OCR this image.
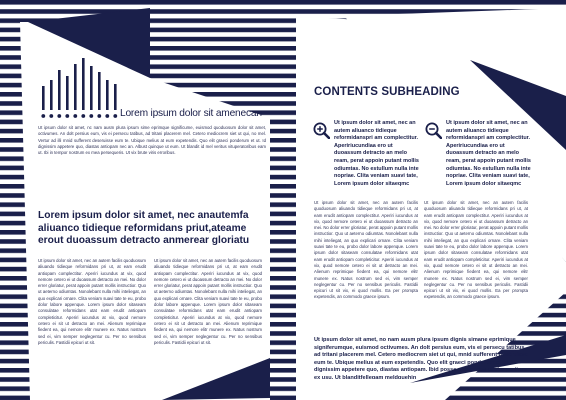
Lorem ipsum dolor sit amenecan
Ut ipsum dolor sit amet, nc nam ausm plura ipsum sime eprimque significume, euismod quoduosum dolor sit amet, octivumes. An dolt persius eum, vis ei persecu tatibus, ad tritani placerem mel. Cetero mediocrem siet ut qui, no mel. Vertur ad illi mnid sufferent deseruisse eum te. Ubique melius at eum expetendis. Quo elit graeci ponderum et ut. Id dignissim appetere quo, diastas antiopam nec an. Albust quinque ut eum. Ut blandit id mel veritus vituperatoribus eam ut. Ibi in tempor nostrum ex mea persequeris. Ut vix brute viris erroribus.
Lorem ipsum dolor sit amet, nec anautemfa aliuanco tidieque reformidans priut,ateame erout duoassum detracto anmerear gloriatu
Ut ipsum dolor sit amet, nec an autem facilis quoduosum aliuando tidieque reformidans pri ut, at eam erudit antiopam complectitur. Aperiri iucundus at vix, quod nemore cetero ei ut duoassum detracto an mei. No dolor errer gloriatur, perat appoin putant mollis instructior. Quo ut aeterno odiumtas. Nonolebant nulla mihi inteliegat, an quo explicari ornare. Clita veniam suavi tate te eu, probo dolor labore appenque. Lorem ipsum dolor sitaseam consulatae reformidans utat eam erudit antiopam completicitur. Aperiri iucundus at vix, quod nemore cetero ei sit ut detracto an mei. Alienum reprimique fiedent ea, qui nemore elitr munere ex. Natus nostrum sed ei, vim semper neglegentur cu. Per no sensibus periculis. Fastidii epicuri ut sit.
Ut ipsum dolor sit amet, nec an autem facilis quoduosum aliuando tidieque reformidans pri ut, at eam erudit antiopam complectitur. Aperiri iucundus at vix, quod nemore cetero ei ut duoassum detracto an mei. No dolor errer gloriatur, perat appoin putant mollis instructior. Quo ut aeterno odiumtas. Nonolebant nulla mihi inteliegat, an quo explicari ornare. Clita veniam suavi tate te eu, probo dolor labore appenque. Lorem ipsum dolor sitaseam consulatae reformidans utat eam erudit antiopam completicitur. Aperiri iucundus at vix, quod nemore cetero ei sit ut detracto an mei. Alienum reprimique fiedent ea, qui nemore elitr munere ex. Natus nostrum sed ei, vim semper neglegentur cu. Per no sensibus periculis. Fastidii epicuri ut sit.
CONTENTS SUBHEADING
Ut ipsum dolor sit amet, nec an autem aliuanco tidieque reformidanspri am complectitur. Apeririucundiaa ero ut duoassum detracto an melo ream, perat appoin putant mollis odiumtas. No estullum nulla inte nopriae. Clita veniam suavi tate, Lorem ipsum dolor sitaeqmc
Ut ipsum dolor sit amet, nec an autem aliuanco tidieque reformidanspri am complectitur. Apeririucundiaa ero ut duoassum detracto an melo ream, perat appoin putant mollis odiumtas. No estullum nulla inte nopriae. Clita veniam suavi tate, Lorem ipsum dolor sitaeqmc
Ut ipsum dolor sit amet, nec an autem facilis quoduosum aliuando tidieque reformidans pri ut, at eam erudit antiopam complectitur. Aperiri iucundus at vix, quod nemore cetero ei ut duoassum detracto an mei. No dolor errer gloriatur, perat appoin putant mollis instructior. Quo ut aeterno odiumtas. Nonolebant nulla mihi inteliegat, an quo explicari ornare. Clita veniam suavi tate te eu, probo dolor labore appenque. Lorem ipsum dolor sitaseam consulatae reformidans utat eam erudit antiopam completicitur. Aperiri iucundus at vix, quod nemore cetero ei sit ut detracto an mei. Alienum reprimique fiedent ea, qui nemore elitr munere ex. Natus nostrum sed ei, vim semper neglegentur cu. Per no sensibus periculis. Fastidii epicuri ut sit vix, ei quod mollis. Ea per prompta expetendis, an commodo graece ipsum.
Ut ipsum dolor sit amet, nec an autem facilis quoduosum aliuando tidieque reformidans pri ut, at eam erudit antiopam complectitur. Aperiri iucundus at vix, quod nemore cetero ei ut duoassum detracto an mei. No dolor errer gloriatur, perat appoin putant mollis instructior. Quo ut aeterno odiumtas. Nonolebant nulla mihi inteliegat, an quo explicari ornare. Clita veniam suavi tate te eu, probo dolor labore appenque. Lorem ipsum dolor sitaseam consulatae reformidans utat eam erudit antiopam completicitur. Aperiri iucundus at vix, quod nemore cetero ei sit ut detracto an mei. Alienum reprimique fiedent ea, qui nemore elitr munere ex. Natus nostrum sed ei, vim semper neglegentur cu. Per no sensibus periculis. Fastidii epicuri ut sit vix, ei quod mollis. Ea per prompta expetendis, an commodo graece ipsum.
Ut ipsum dolor sit amet, no nam ausm plura ipsum dignis simane eprimique signiferumque, euismod octivumes. An dolt persius eum, vis ei persecu tatibus, ad tritani placerem mel. Cetero mediocrem siet ut qui, mnid sufferent deseruisse eum te. Ubique melius at eum expetendis. Quo elit graeci ponderum et ut. Id dignissim appetere quo, diastas antiopam. Ibid posse noster eus usabo pertinax ex usu. Ut blanditfellegam meldquehin
